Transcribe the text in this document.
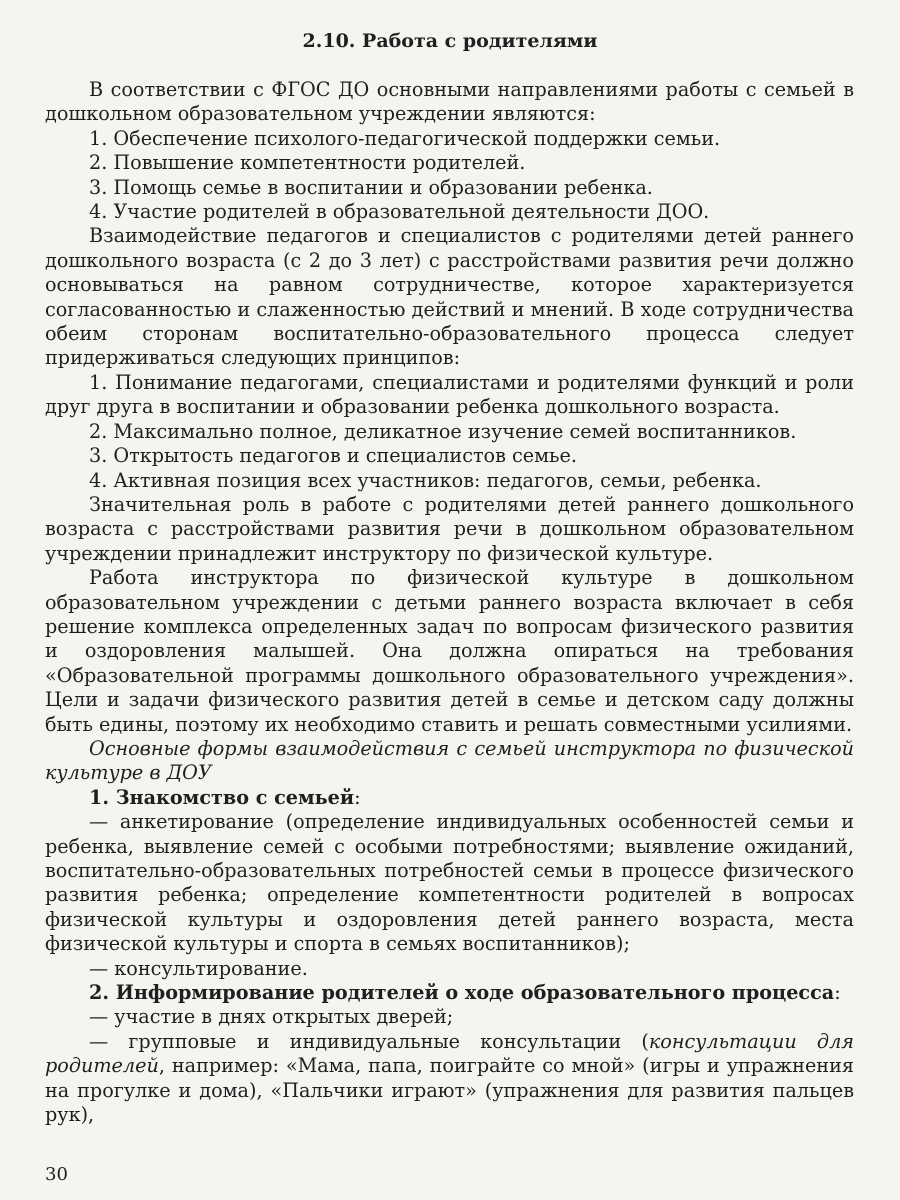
2.10. Работа с родителями

В соответствии с ФГОС ДО основными направлениями работы с семьей в дошкольном образовательном учреждении являются:

1. Обеспечение психолого-педагогической поддержки семьи.

2. Повышение компетентности родителей.

3. Помощь семье в воспитании и образовании ребенка.

4. Участие родителей в образовательной деятельности ДОО.

Взаимодействие педагогов и специалистов с родителями детей раннего дошкольного возраста (с 2 до 3 лет) с расстройствами развития речи должно основываться на равном сотрудничестве, которое характеризуется согласованностью и слаженностью действий и мнений. В ходе сотрудничества обеим сторонам воспитательно-образовательного процесса следует придерживаться следующих принципов:

1. Понимание педагогами, специалистами и родителями функций и роли друг друга в воспитании и образовании ребенка дошкольного возраста.

2. Максимально полное, деликатное изучение семей воспитанников.

3. Открытость педагогов и специалистов семье.

4. Активная позиция всех участников: педагогов, семьи, ребенка.

Значительная роль в работе с родителями детей раннего дошкольного возраста с расстройствами развития речи в дошкольном образовательном учреждении принадлежит инструктору по физической культуре.

Работа инструктора по физической культуре в дошкольном образовательном учреждении с детьми раннего возраста включает в себя решение комплекса определенных задач по вопросам физического развития и оздоровления малышей. Она должна опираться на требования «Образовательной программы дошкольного образовательного учреждения». Цели и задачи физического развития детей в семье и детском саду должны быть едины, поэтому их необходимо ставить и решать совместными усилиями.

Основные формы взаимодействия с семьей инструктора по физической культуре в ДОУ

1. Знакомство с семьей:

— анкетирование (определение индивидуальных особенностей семьи и ребенка, выявление семей с особыми потребностями; выявление ожиданий, воспитательно-образовательных потребностей семьи в процессе физического развития ребенка; определение компетентности родителей в вопросах физической культуры и оздоровления детей раннего возраста, места физической культуры и спорта в семьях воспитанников);

— консультирование.

2. Информирование родителей о ходе образовательного процесса:

— участие в днях открытых дверей;

— групповые и индивидуальные консультации (консультации для родителей, например: «Мама, папа, поиграйте со мной» (игры и упражнения на прогулке и дома), «Пальчики играют» (упражнения для развития пальцев рук),

30
